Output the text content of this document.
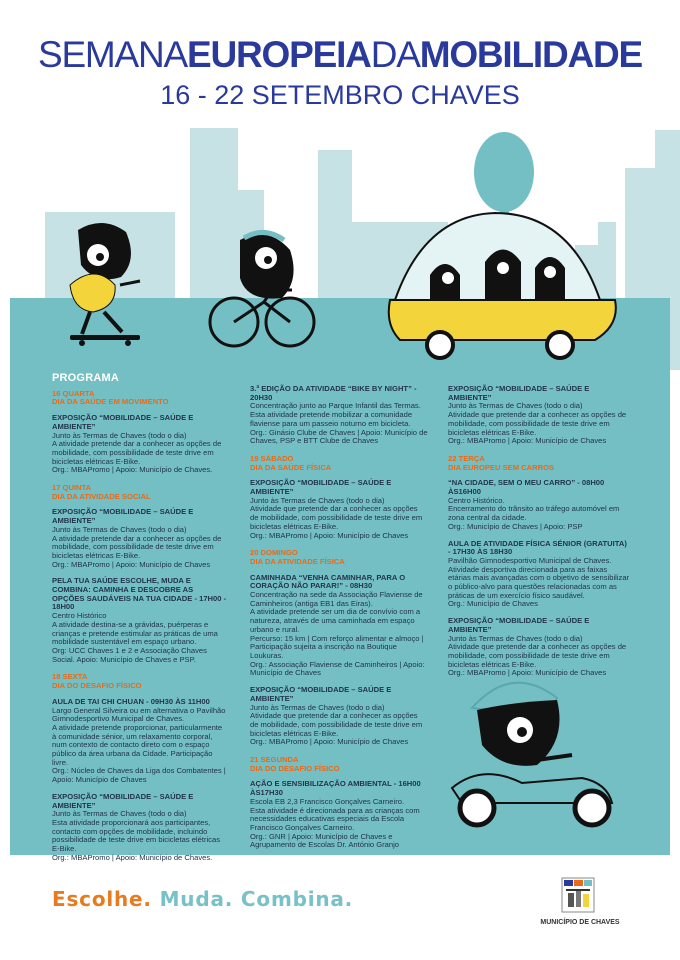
SEMANAEUROPEIADAMOBILIDADE
16 - 22 SETEMBRO CHAVES
PROGRAMA
16 QUARTA
DIA DA SAÚDE EM MOVIMENTO
EXPOSIÇÃO “MOBILIDADE – SAÚDE E AMBIENTE”
Junto às Termas de Chaves (todo o dia)
A atividade pretende dar a conhecer as opções de mobilidade, com possibilidade de teste drive em bicicletas elétricas E-Bike.
Org.: MBAPromo | Apoio: Município de Chaves.
17 QUINTA
DIA DA ATIVIDADE SOCIAL
EXPOSIÇÃO “MOBILIDADE – SAÚDE E AMBIENTE”
Junto às Termas de Chaves (todo o dia)
A atividade pretende dar a conhecer as opções de mobilidade, com possibilidade de teste drive em bicicletas elétricas E-Bike.
Org.: MBAPromo | Apoio: Município de Chaves
PELA TUA SAÚDE ESCOLHE, MUDA E COMBINA: CAMINHA E DESCOBRE AS OPÇÕES SAUDÁVEIS NA TUA CIDADE - 17H00 - 18H00
Centro Histórico
A atividade destina-se a grávidas, puérperas e crianças e pretende estimular as práticas de uma mobilidade sustentável em espaço urbano.
Org: UCC Chaves 1 e 2 e Associação Chaves Social. Apoio: Município de Chaves e PSP.
18 SEXTA
DIA DO DESAFIO FÍSICO
AULA DE TAI CHI CHUAN - 09H30 ÀS 11H00
Largo General Silveira ou em alternativa o Pavilhão Gimnodesportivo Municipal de Chaves.
A atividade pretende proporcionar, particularmente à comunidade sénior, um relaxamento corporal, num contexto de contacto direto com o espaço público da área urbana da Cidade. Participação livre.
Org.: Núcleo de Chaves da Liga dos Combatentes | Apoio: Município de Chaves
EXPOSIÇÃO “MOBILIDADE – SAÚDE E AMBIENTE”
Junto às Termas de Chaves (todo o dia)
Esta atividade proporcionará aos participantes, contacto com opções de mobilidade, incluindo possibilidade de teste drive em bicicletas elétricas E-Bike.
Org.: MBAPromo | Apoio: Município de Chaves.
3.ª EDIÇÃO DA ATIVIDADE “BIKE BY NIGHT” - 20H30
Concentração junto ao Parque Infantil das Termas.
Esta atividade pretende mobilizar a comunidade flaviense para um passeio noturno em bicicleta.
Org.: Ginásio Clube de Chaves | Apoio: Município de Chaves, PSP e BTT Clube de Chaves
19 SÁBADO
DIA DA SAÚDE FÍSICA
EXPOSIÇÃO “MOBILIDADE – SAÚDE E AMBIENTE”
Junto às Termas de Chaves (todo o dia)
Atividade que pretende dar a conhecer as opções de mobilidade, com possibilidade de teste drive em bicicletas elétricas E-Bike.
Org.: MBAPromo | Apoio: Município de Chaves
20 DOMINGO
DIA DA ATIVIDADE FÍSICA
CAMINHADA “VENHA CAMINHAR, PARA O CORAÇÃO NÃO PARAR!” - 08H30
Concentração na sede da Associação Flaviense de Caminheiros (antiga EB1 das Eiras).
A atividade pretende ser um dia de convívio com a natureza, através de uma caminhada em espaço urbano e rural.
Percurso: 15 km | Com reforço alimentar e almoço | Participação sujeita a inscrição na Boutique Loukuras.
Org.: Associação Flaviense de Caminheiros | Apoio: Município de Chaves
EXPOSIÇÃO “MOBILIDADE – SAÚDE E AMBIENTE”
Junto às Termas de Chaves (todo o dia)
Atividade que pretende dar a conhecer as opções de mobilidade, com possibilidade de teste drive em bicicletas elétricas E-Bike.
Org.: MBAPromo | Apoio: Município de Chaves
21 SEGUNDA
DIA DO DESAFIO FÍSICO
AÇÃO E SENSIBILIZAÇÃO AMBIENTAL - 16H00 ÀS17H30
Escola EB 2,3 Francisco Gonçalves Carneiro.
Esta atividade é direcionada para as crianças com necessidades educativas especiais da Escola Francisco Gonçalves Carneiro.
Org.: GNR | Apoio: Município de Chaves e Agrupamento de Escolas Dr. António Granjo
EXPOSIÇÃO “MOBILIDADE – SAÚDE E AMBIENTE”
Junto às Termas de Chaves (todo o dia)
Atividade que pretende dar a conhecer as opções de mobilidade, com possibilidade de teste drive em bicicletas elétricas E-Bike.
Org.: MBAPromo | Apoio: Município de Chaves
22 TERÇA
DIA EUROPEU SEM CARROS
“NA CIDADE, SEM O MEU CARRO” - 08H00 ÀS16H00
Centro Histórico.
Encerramento do trânsito ao tráfego automóvel em zona central da cidade.
Org.: Município de Chaves | Apoio: PSP
AULA DE ATIVIDADE FÍSICA SÉNIOR (GRATUITA) - 17H30 ÀS 18H30
Pavilhão Gimnodesportivo Municipal de Chaves.
Atividade desportiva direcionada para as faixas etárias mais avançadas com o objetivo de sensibilizar o público-alvo para questões relacionadas com as práticas de um exercício físico saudável.
Org.: Município de Chaves
EXPOSIÇÃO “MOBILIDADE – SAÚDE E AMBIENTE”
Junto às Termas de Chaves (todo o dia)
Atividade que pretende dar a conhecer as opções de mobilidade, com possibilidade de teste drive em bicicletas elétricas E-Bike.
Org.: MBAPromo | Apoio: Município de Chaves
Escolhe. Muda. Combina.
MUNICÍPIO DE CHAVES
